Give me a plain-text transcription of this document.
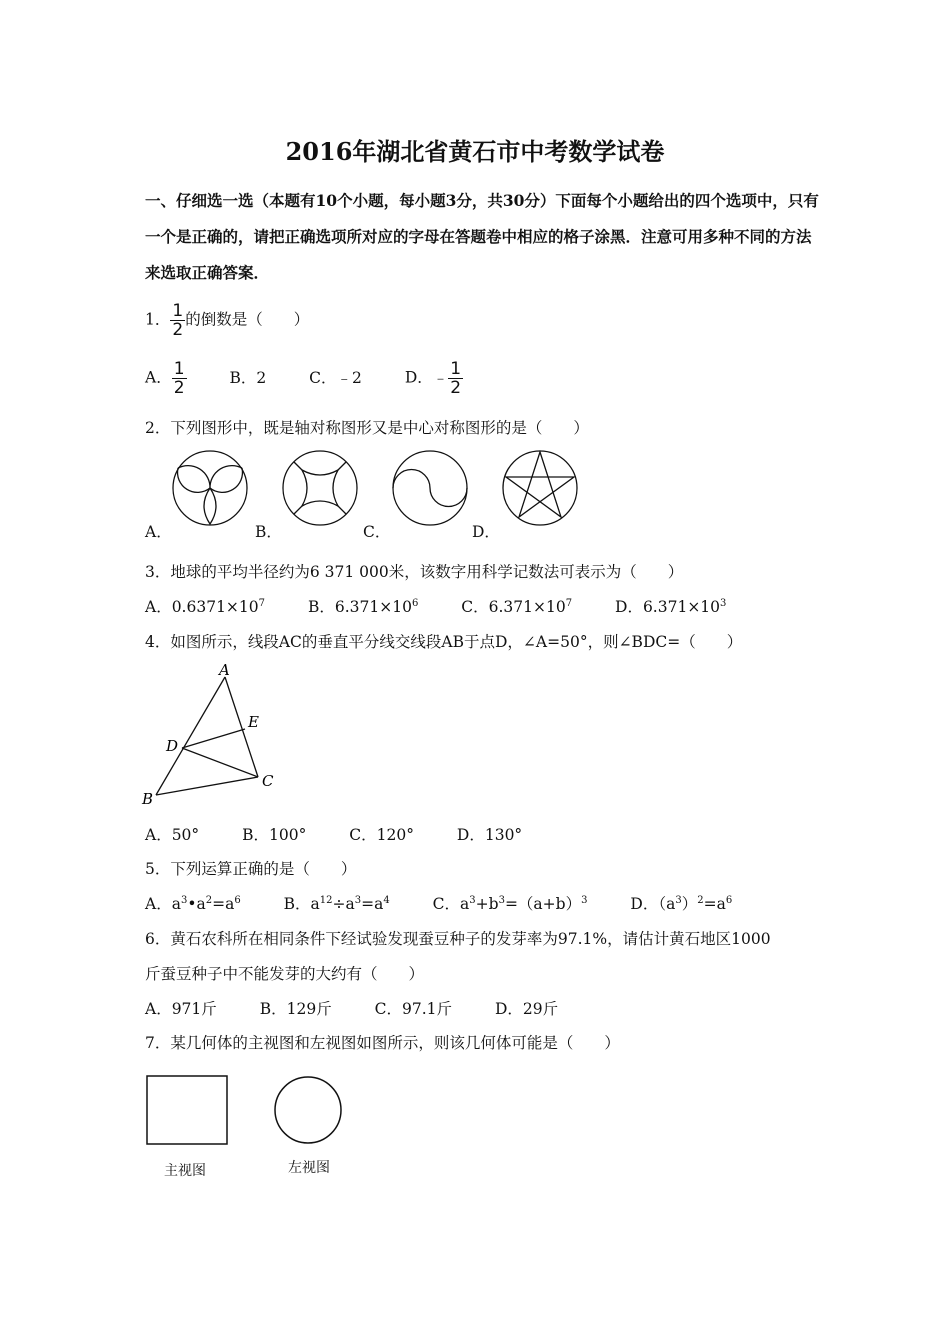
2016年湖北省黄石市中考数学试卷
一、仔细选一选（本题有10个小题，每小题3分，共30分）下面每个小题给出的四个选项中，只有一个是正确的，请把正确选项所对应的字母在答题卷中相应的格子涂黑．注意可用多种不同的方法来选取正确答案．
1． $\frac{1}{2}$ 的倒数是（　　）
A． $\frac{1}{2}$	B．2	C．﹣2	D．﹣ $\frac{1}{2}$
2．下列图形中，既是轴对称图形又是中心对称图形的是（　　）
A．	B．	C．	D．
3．地球的平均半径约为6 371 000米，该数字用科学记数法可表示为（　　）
A．$0.6371\times 10^7$	B．$6.371\times 10^6$	C．$6.371\times 10^7$	D．$6.371\times 10^3$
4．如图所示，线段AC的垂直平分线交线段AB于点D，∠A=50°，则∠BDC=（　　）
A
E
D
C
B
A．50°	B．100°	C．120°	D．130°
5．下列运算正确的是（　　）
A．$a^3•a^2=a^6$	B．$a^{12}\div a^3=a^4$	C．$a^3+b^3=(a+b)^3$	D．$(a^3)^2=a^6$
6．黄石农科所在相同条件下经试验发现蚕豆种子的发芽率为97.1%，请估计黄石地区1000
斤蚕豆种子中不能发芽的大约有（　　）
A．971斤	B．129斤	C．97.1斤	D．29斤
7．某几何体的主视图和左视图如图所示，则该几何体可能是（　　）
主视图	左视图
